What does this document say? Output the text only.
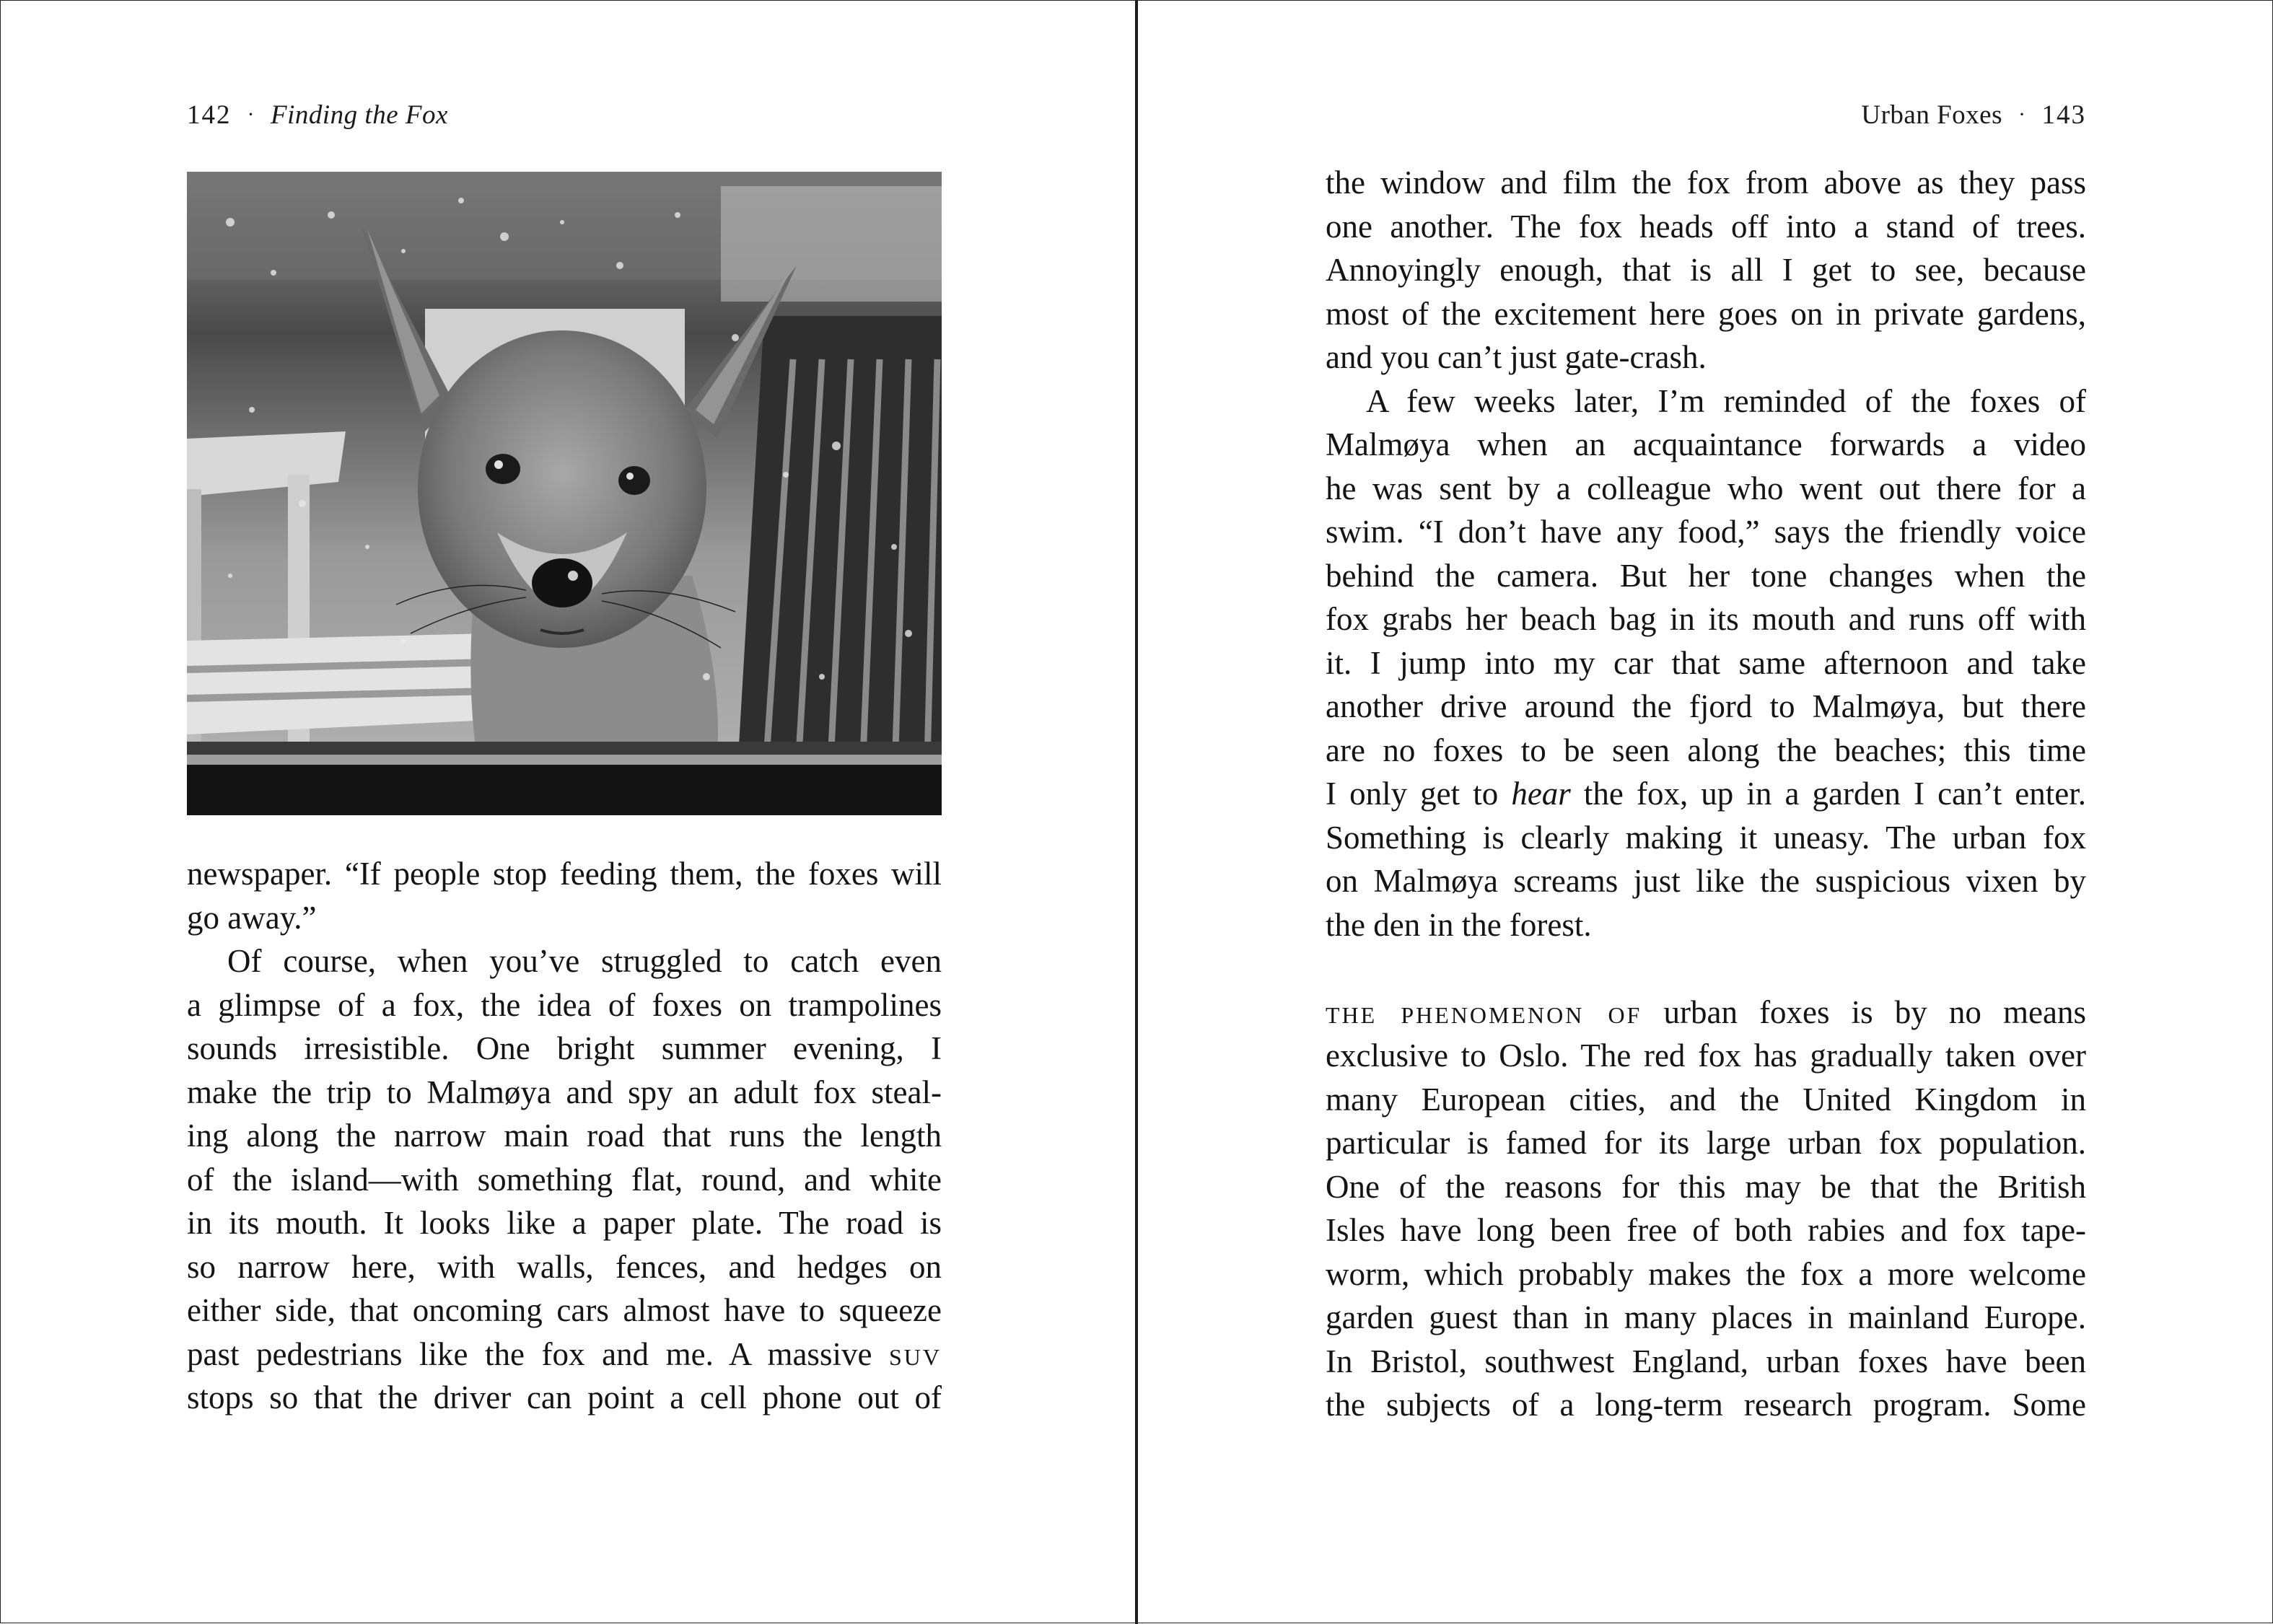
142 · Finding the Fox
newspaper. “If people stop feeding them, the foxes will
go away.”
Of course, when you’ve struggled to catch even
a glimpse of a fox, the idea of foxes on trampolines
sounds irresistible. One bright summer evening, I
make the trip to Malmøya and spy an adult fox steal-
ing along the narrow main road that runs the length
of the island—with something flat, round, and white
in its mouth. It looks like a paper plate. The road is
so narrow here, with walls, fences, and hedges on
either side, that oncoming cars almost have to squeeze
past pedestrians like the fox and me. A massive suv
stops so that the driver can point a cell phone out of
Urban Foxes · 143
the window and film the fox from above as they pass
one another. The fox heads off into a stand of trees.
Annoyingly enough, that is all I get to see, because
most of the excitement here goes on in private gardens,
and you can’t just gate-crash.
A few weeks later, I’m reminded of the foxes of
Malmøya when an acquaintance forwards a video
he was sent by a colleague who went out there for a
swim. “I don’t have any food,” says the friendly voice
behind the camera. But her tone changes when the
fox grabs her beach bag in its mouth and runs off with
it. I jump into my car that same afternoon and take
another drive around the fjord to Malmøya, but there
are no foxes to be seen along the beaches; this time
I only get to hear the fox, up in a garden I can’t enter.
Something is clearly making it uneasy. The urban fox
on Malmøya screams just like the suspicious vixen by
the den in the forest.
the phenomenon of urban foxes is by no means
exclusive to Oslo. The red fox has gradually taken over
many European cities, and the United Kingdom in
particular is famed for its large urban fox population.
One of the reasons for this may be that the British
Isles have long been free of both rabies and fox tape-
worm, which probably makes the fox a more welcome
garden guest than in many places in mainland Europe.
In Bristol, southwest England, urban foxes have been
the subjects of a long-term research program. Some
